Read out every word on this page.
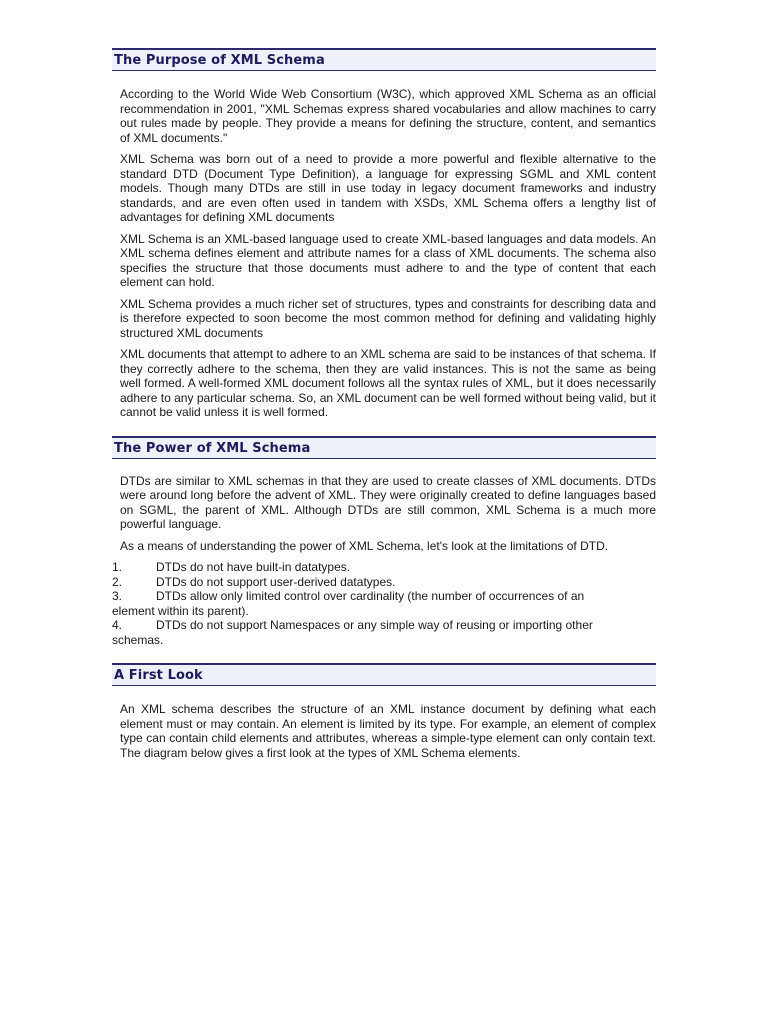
The Purpose of XML Schema

According to the World Wide Web Consortium (W3C), which approved XML Schema as an official recommendation in 2001, "XML Schemas express shared vocabularies and allow machines to carry out rules made by people. They provide a means for defining the structure, content, and semantics of XML documents."

XML Schema was born out of a need to provide a more powerful and flexible alternative to the standard DTD (Document Type Definition), a language for expressing SGML and XML content models. Though many DTDs are still in use today in legacy document frameworks and industry standards, and are even often used in tandem with XSDs, XML Schema offers a lengthy list of advantages for defining XML documents

XML Schema is an XML-based language used to create XML-based languages and data models. An XML schema defines element and attribute names for a class of XML documents. The schema also specifies the structure that those documents must adhere to and the type of content that each element can hold.

XML Schema provides a much richer set of structures, types and constraints for describing data and is therefore expected to soon become the most common method for defining and validating highly structured XML documents

XML documents that attempt to adhere to an XML schema are said to be instances of that schema. If they correctly adhere to the schema, then they are valid instances. This is not the same as being well formed. A well-formed XML document follows all the syntax rules of XML, but it does necessarily adhere to any particular schema. So, an XML document can be well formed without being valid, but it cannot be valid unless it is well formed.

The Power of XML Schema

DTDs are similar to XML schemas in that they are used to create classes of XML documents. DTDs were around long before the advent of XML. They were originally created to define languages based on SGML, the parent of XML. Although DTDs are still common, XML Schema is a much more powerful language.

As a means of understanding the power of XML Schema, let's look at the limitations of DTD.

1.	DTDs do not have built-in datatypes.
2.	DTDs do not support user-derived datatypes.
3.	DTDs allow only limited control over cardinality (the number of occurrences of an element within its parent).
4.	DTDs do not support Namespaces or any simple way of reusing or importing other schemas.
A First Look

An XML schema describes the structure of an XML instance document by defining what each element must or may contain. An element is limited by its type. For example, an element of complex type can contain child elements and attributes, whereas a simple-type element can only contain text. The diagram below gives a first look at the types of XML Schema elements.
